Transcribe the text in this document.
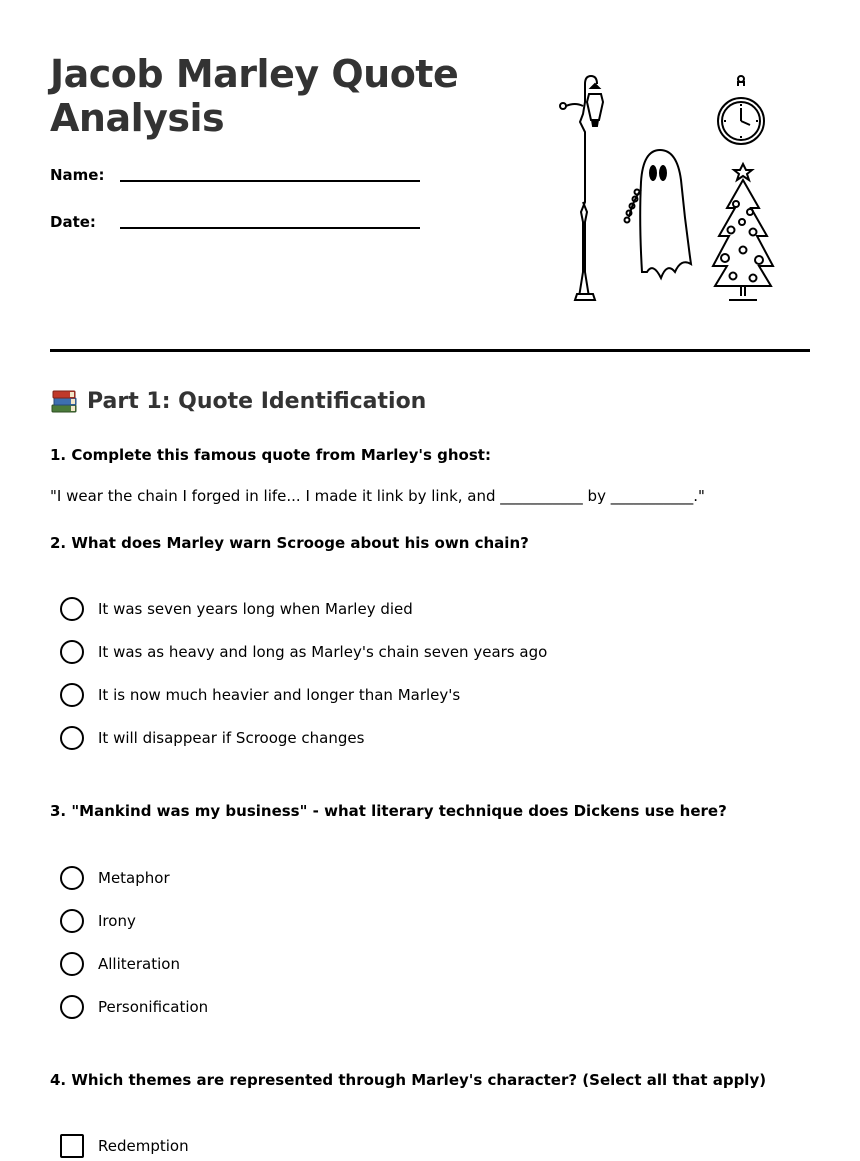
Jacob Marley Quote Analysis
Name:
Date:
Part 1: Quote Identification
1. Complete this famous quote from Marley's ghost:
"I wear the chain I forged in life... I made it link by link, and ___________ by ___________."
2. What does Marley warn Scrooge about his own chain?
It was seven years long when Marley died
It was as heavy and long as Marley's chain seven years ago
It is now much heavier and longer than Marley's
It will disappear if Scrooge changes
3. "Mankind was my business" - what literary technique does Dickens use here?
Metaphor
Irony
Alliteration
Personification
4. Which themes are represented through Marley's character? (Select all that apply)
Redemption
